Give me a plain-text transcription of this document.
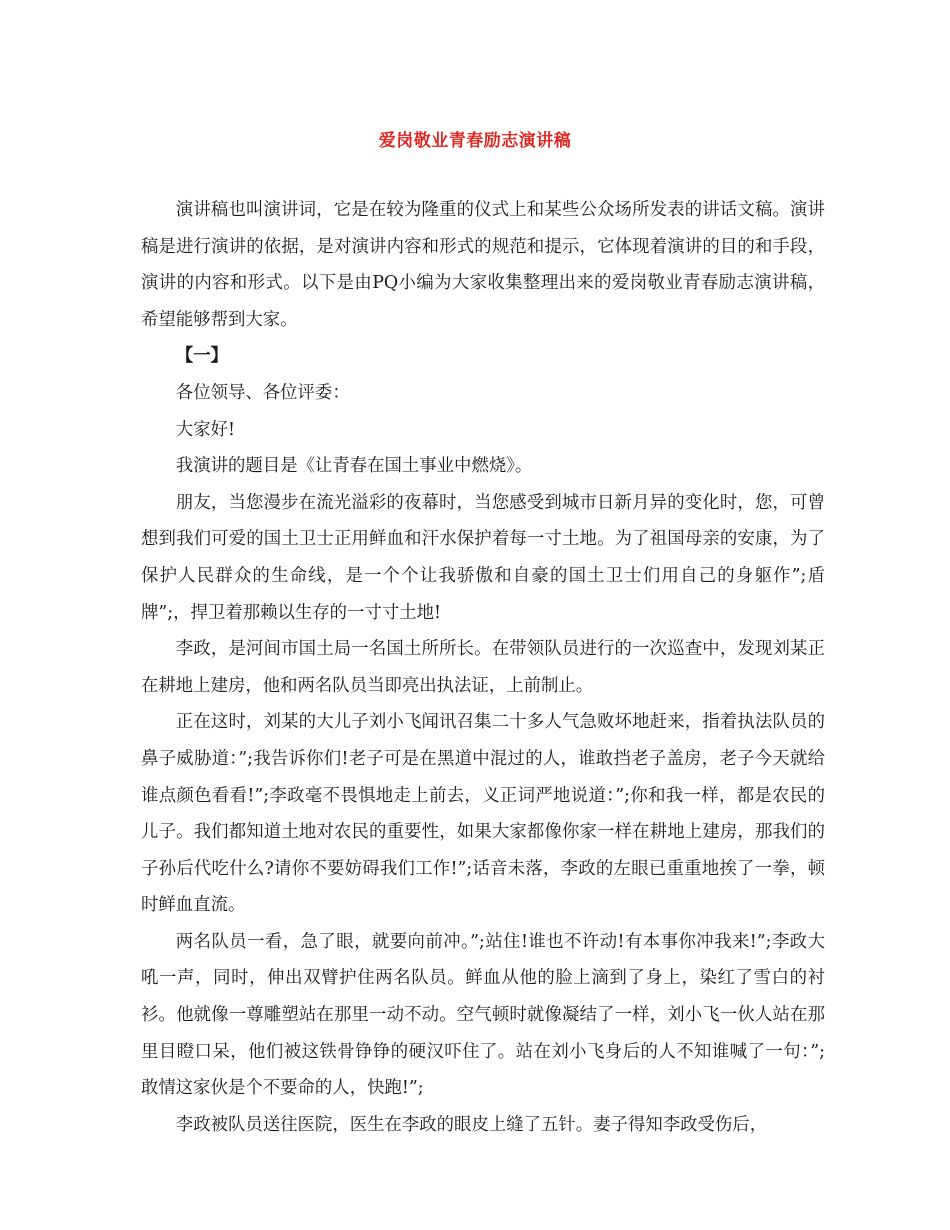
爱岗敬业青春励志演讲稿

演讲稿也叫演讲词，它是在较为隆重的仪式上和某些公众场所发表的讲话文稿。演讲稿是进行演讲的依据，是对演讲内容和形式的规范和提示，它体现着演讲的目的和手段，演讲的内容和形式。以下是由PQ小编为大家收集整理出来的爱岗敬业青春励志演讲稿，希望能够帮到大家。

【一】

各位领导、各位评委：

大家好!

我演讲的题目是《让青春在国土事业中燃烧》。

朋友，当您漫步在流光溢彩的夜幕时，当您感受到城市日新月异的变化时，您，可曾想到我们可爱的国土卫士正用鲜血和汗水保护着每一寸土地。为了祖国母亲的安康，为了保护人民群众的生命线，是一个个让我骄傲和自豪的国土卫士们用自己的身躯作”;盾牌”;，捍卫着那赖以生存的一寸寸土地!

李政，是河间市国土局一名国土所所长。在带领队员进行的一次巡查中，发现刘某正在耕地上建房，他和两名队员当即亮出执法证，上前制止。

正在这时，刘某的大儿子刘小飞闻讯召集二十多人气急败坏地赶来，指着执法队员的鼻子威胁道：”;我告诉你们!老子可是在黑道中混过的人，谁敢挡老子盖房，老子今天就给谁点颜色看看!”;李政毫不畏惧地走上前去，义正词严地说道：”;你和我一样，都是农民的儿子。我们都知道土地对农民的重要性，如果大家都像你家一样在耕地上建房，那我们的子孙后代吃什么?请你不要妨碍我们工作!”;话音未落，李政的左眼已重重地挨了一拳，顿时鲜血直流。

两名队员一看，急了眼，就要向前冲。”;站住!谁也不许动!有本事你冲我来!”;李政大吼一声，同时，伸出双臂护住两名队员。鲜血从他的脸上滴到了身上，染红了雪白的衬衫。他就像一尊雕塑站在那里一动不动。空气顿时就像凝结了一样，刘小飞一伙人站在那里目瞪口呆，他们被这铁骨铮铮的硬汉吓住了。站在刘小飞身后的人不知谁喊了一句：”;敢情这家伙是个不要命的人，快跑!”;

李政被队员送往医院，医生在李政的眼皮上缝了五针。妻子得知李政受伤后，
